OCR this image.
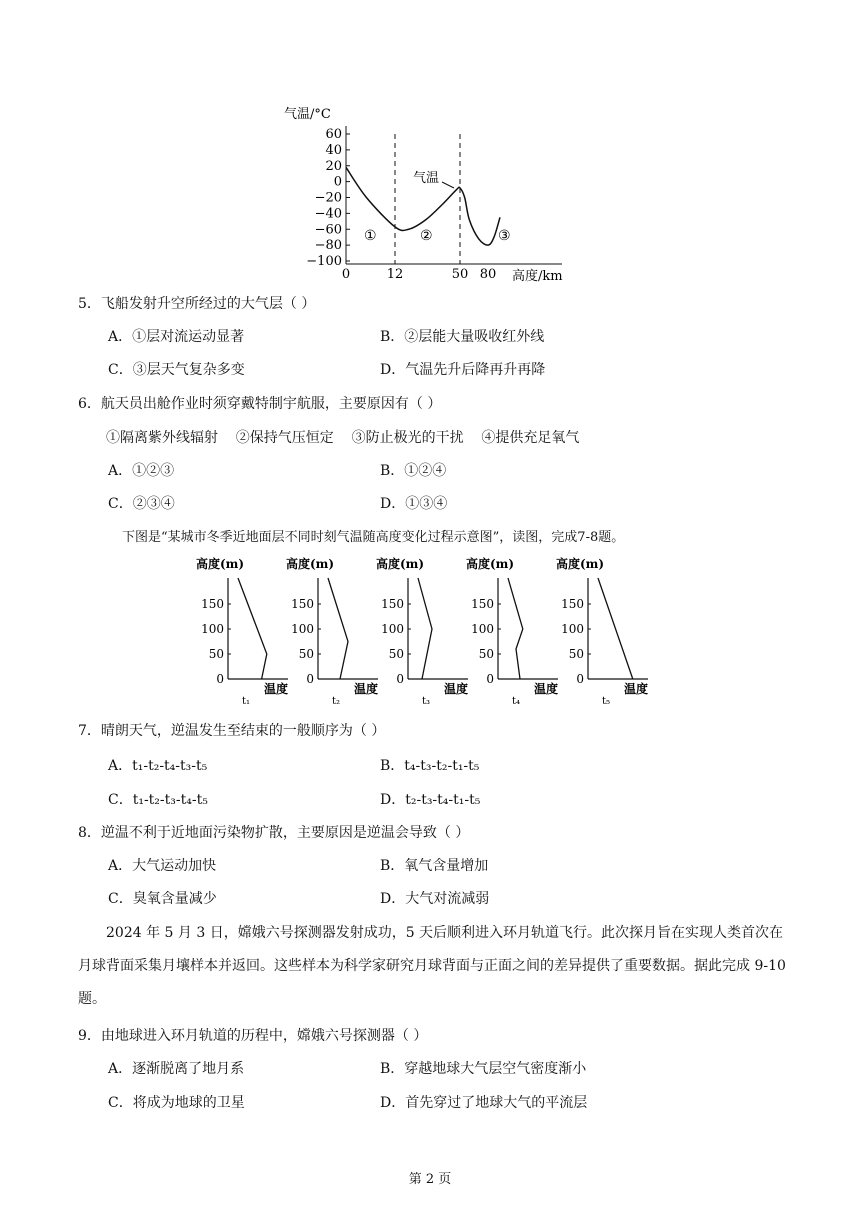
气温/°C
60
40
20
0
−20
−40
−60
−80
−100
0	12	50 80
气温
①	②	③
高度/km
5．飞船发射升空所经过的大气层（ ）
A．①层对流运动显著	B．②层能大量吸收红外线
C．③层天气复杂多变	D．气温先升后降再升再降
6．航天员出舱作业时须穿戴特制宇航服，主要原因有（ ）
①隔离紫外线辐射    ②保持气压恒定    ③防止极光的干扰    ④提供充足氧气
A．①②③	B．①②④
C．②③④	D．①③④
下图是“某城市冬季近地面层不同时刻气温随高度变化过程示意图”，读图，完成7-8题。
高度(m)
150
100
50
0
温度
t₁
高度(m)
150
100
50
0
温度
t₂
高度(m)
150
100
50
0
温度
t₃
高度(m)
150
100
50
0
温度
t₄
高度(m)
150
100
50
0
温度
t₅
7．晴朗天气，逆温发生至结束的一般顺序为（ ）
A．t₁-t₂-t₄-t₃-t₅	B．t₄-t₃-t₂-t₁-t₅
C．t₁-t₂-t₃-t₄-t₅	D．t₂-t₃-t₄-t₁-t₅
8．逆温不利于近地面污染物扩散，主要原因是逆温会导致（ ）
A．大气运动加快	B．氧气含量增加
C．臭氧含量减少	D．大气对流减弱
2024 年 5 月 3 日，嫦娥六号探测器发射成功，5 天后顺利进入环月轨道飞行。此次探月旨在实现人类首次在月球背面采集月壤样本并返回。这些样本为科学家研究月球背面与正面之间的差异提供了重要数据。据此完成 9-10 题。
9．由地球进入环月轨道的历程中，嫦娥六号探测器（ ）
A．逐渐脱离了地月系	B．穿越地球大气层空气密度渐小
C．将成为地球的卫星	D．首先穿过了地球大气的平流层
第 2 页
